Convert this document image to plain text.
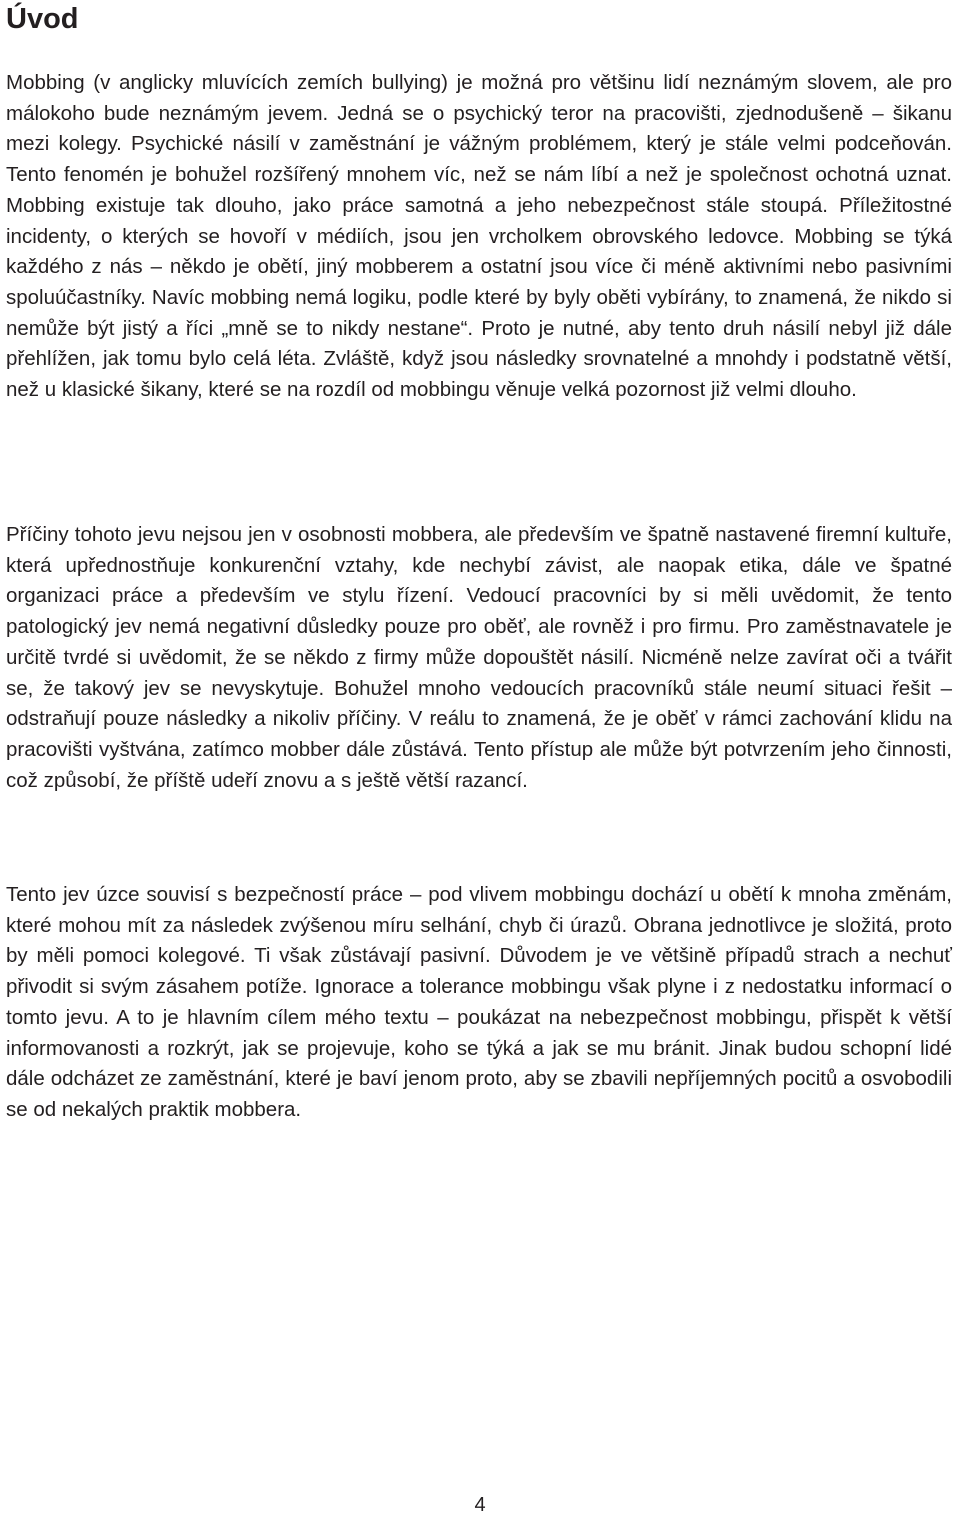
Úvod

Mobbing (v anglicky mluvících zemích bullying) je možná pro většinu lidí neznámým slovem, ale pro málokoho bude neznámým jevem. Jedná se o psychický teror na pracovišti, zjednodušeně – šikanu mezi kolegy. Psychické násilí v zaměstnání je vážným problémem, který je stále velmi podceňován. Tento fenomén je bohužel rozšířený mnohem víc, než se nám líbí a než je společnost ochotná uznat. Mobbing existuje tak dlouho, jako práce samotná a jeho nebezpečnost stále stoupá. Příležitostné incidenty, o kterých se hovoří v médiích, jsou jen vrcholkem obrovského ledovce. Mobbing se týká každého z nás – někdo je obětí, jiný mobberem a ostatní jsou více či méně aktivními nebo pasivními spoluúčastníky. Navíc mobbing nemá logiku, podle které by byly oběti vybírány, to znamená, že nikdo si nemůže být jistý a říci „mně se to nikdy nestane“. Proto je nutné, aby tento druh násilí nebyl již dále přehlížen, jak tomu bylo celá léta. Zvláště, když jsou následky srovnatelné a mnohdy i podstatně větší, než u klasické šikany, které se na rozdíl od mobbingu věnuje velká pozornost již velmi dlouho.

Příčiny tohoto jevu nejsou jen v osobnosti mobbera, ale především ve špatně nastavené firemní kultuře, která upřednostňuje konkurenční vztahy, kde nechybí závist, ale naopak etika, dále ve špatné organizaci práce a především ve stylu řízení. Vedoucí pracovníci by si měli uvědomit, že tento patologický jev nemá negativní důsledky pouze pro oběť, ale rovněž i pro firmu. Pro zaměstnavatele je určitě tvrdé si uvědomit, že se někdo z firmy může dopouštět násilí. Nicméně nelze zavírat oči a tvářit se, že takový jev se nevyskytuje. Bohužel mnoho vedoucích pracovníků stále neumí situaci řešit – odstraňují pouze následky a nikoliv příčiny. V reálu to znamená, že je oběť v rámci zachování klidu na pracovišti vyštvána, zatímco mobber dále zůstává. Tento přístup ale může být potvrzením jeho činnosti, což způsobí, že příště udeří znovu a s ještě větší razancí.

Tento jev úzce souvisí s bezpečností práce – pod vlivem mobbingu dochází u obětí k mnoha změnám, které mohou mít za následek zvýšenou míru selhání, chyb či úrazů. Obrana jednotlivce je složitá, proto by měli pomoci kolegové. Ti však zůstávají pasivní. Důvodem je ve většině případů strach a nechuť přivodit si svým zásahem potíže. Ignorace a tolerance mobbingu však plyne i z nedostatku informací o tomto jevu. A to je hlavním cílem mého textu – poukázat na nebezpečnost mobbingu, přispět k větší informovanosti a rozkrýt, jak se projevuje, koho se týká a jak se mu bránit. Jinak budou schopní lidé dále odcházet ze zaměstnání, které je baví jenom proto, aby se zbavili nepříjemných pocitů a osvobodili se od nekalých praktik mobbera.

4
